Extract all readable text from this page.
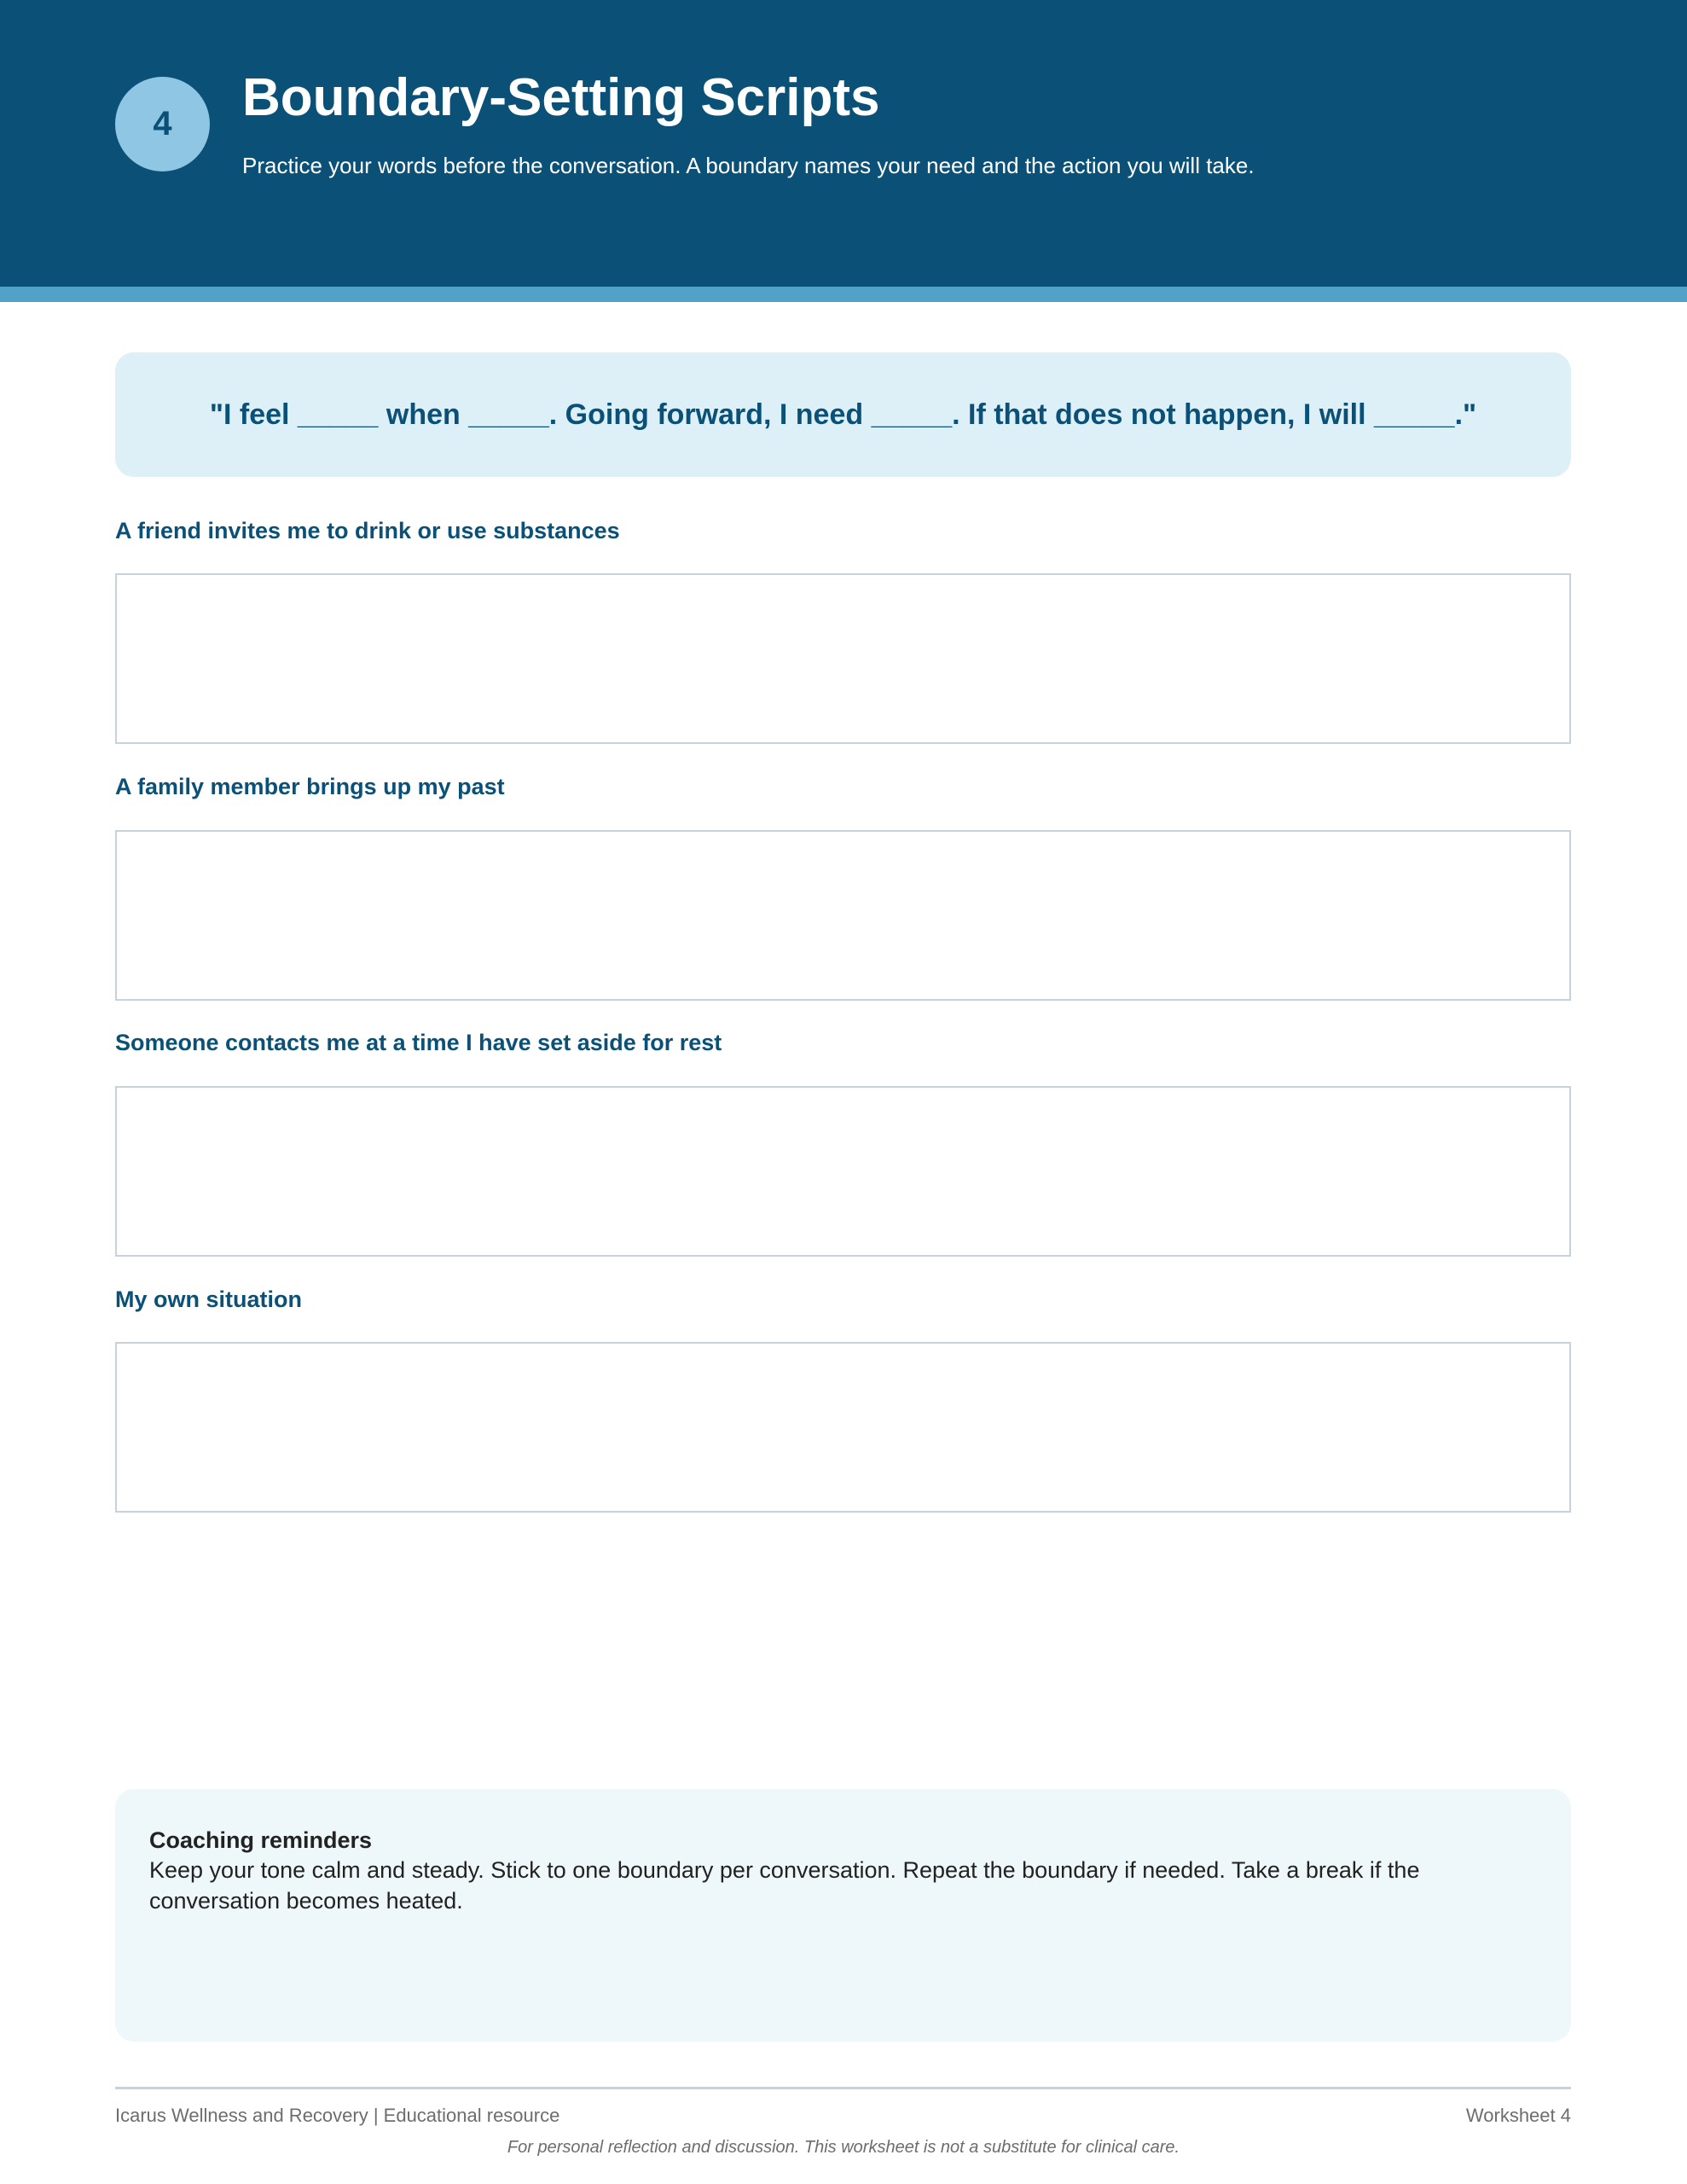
4	Boundary-Setting Scripts
Practice your words before the conversation. A boundary names your need and the action you will take.
"I feel _____ when _____. Going forward, I need _____. If that does not happen, I will _____."
A friend invites me to drink or use substances
A family member brings up my past
Someone contacts me at a time I have set aside for rest
My own situation
Coaching reminders
Keep your tone calm and steady. Stick to one boundary per conversation. Repeat the boundary if needed. Take a break if the conversation becomes heated.
Icarus Wellness and Recovery | Educational resource	Worksheet 4
For personal reflection and discussion. This worksheet is not a substitute for clinical care.
